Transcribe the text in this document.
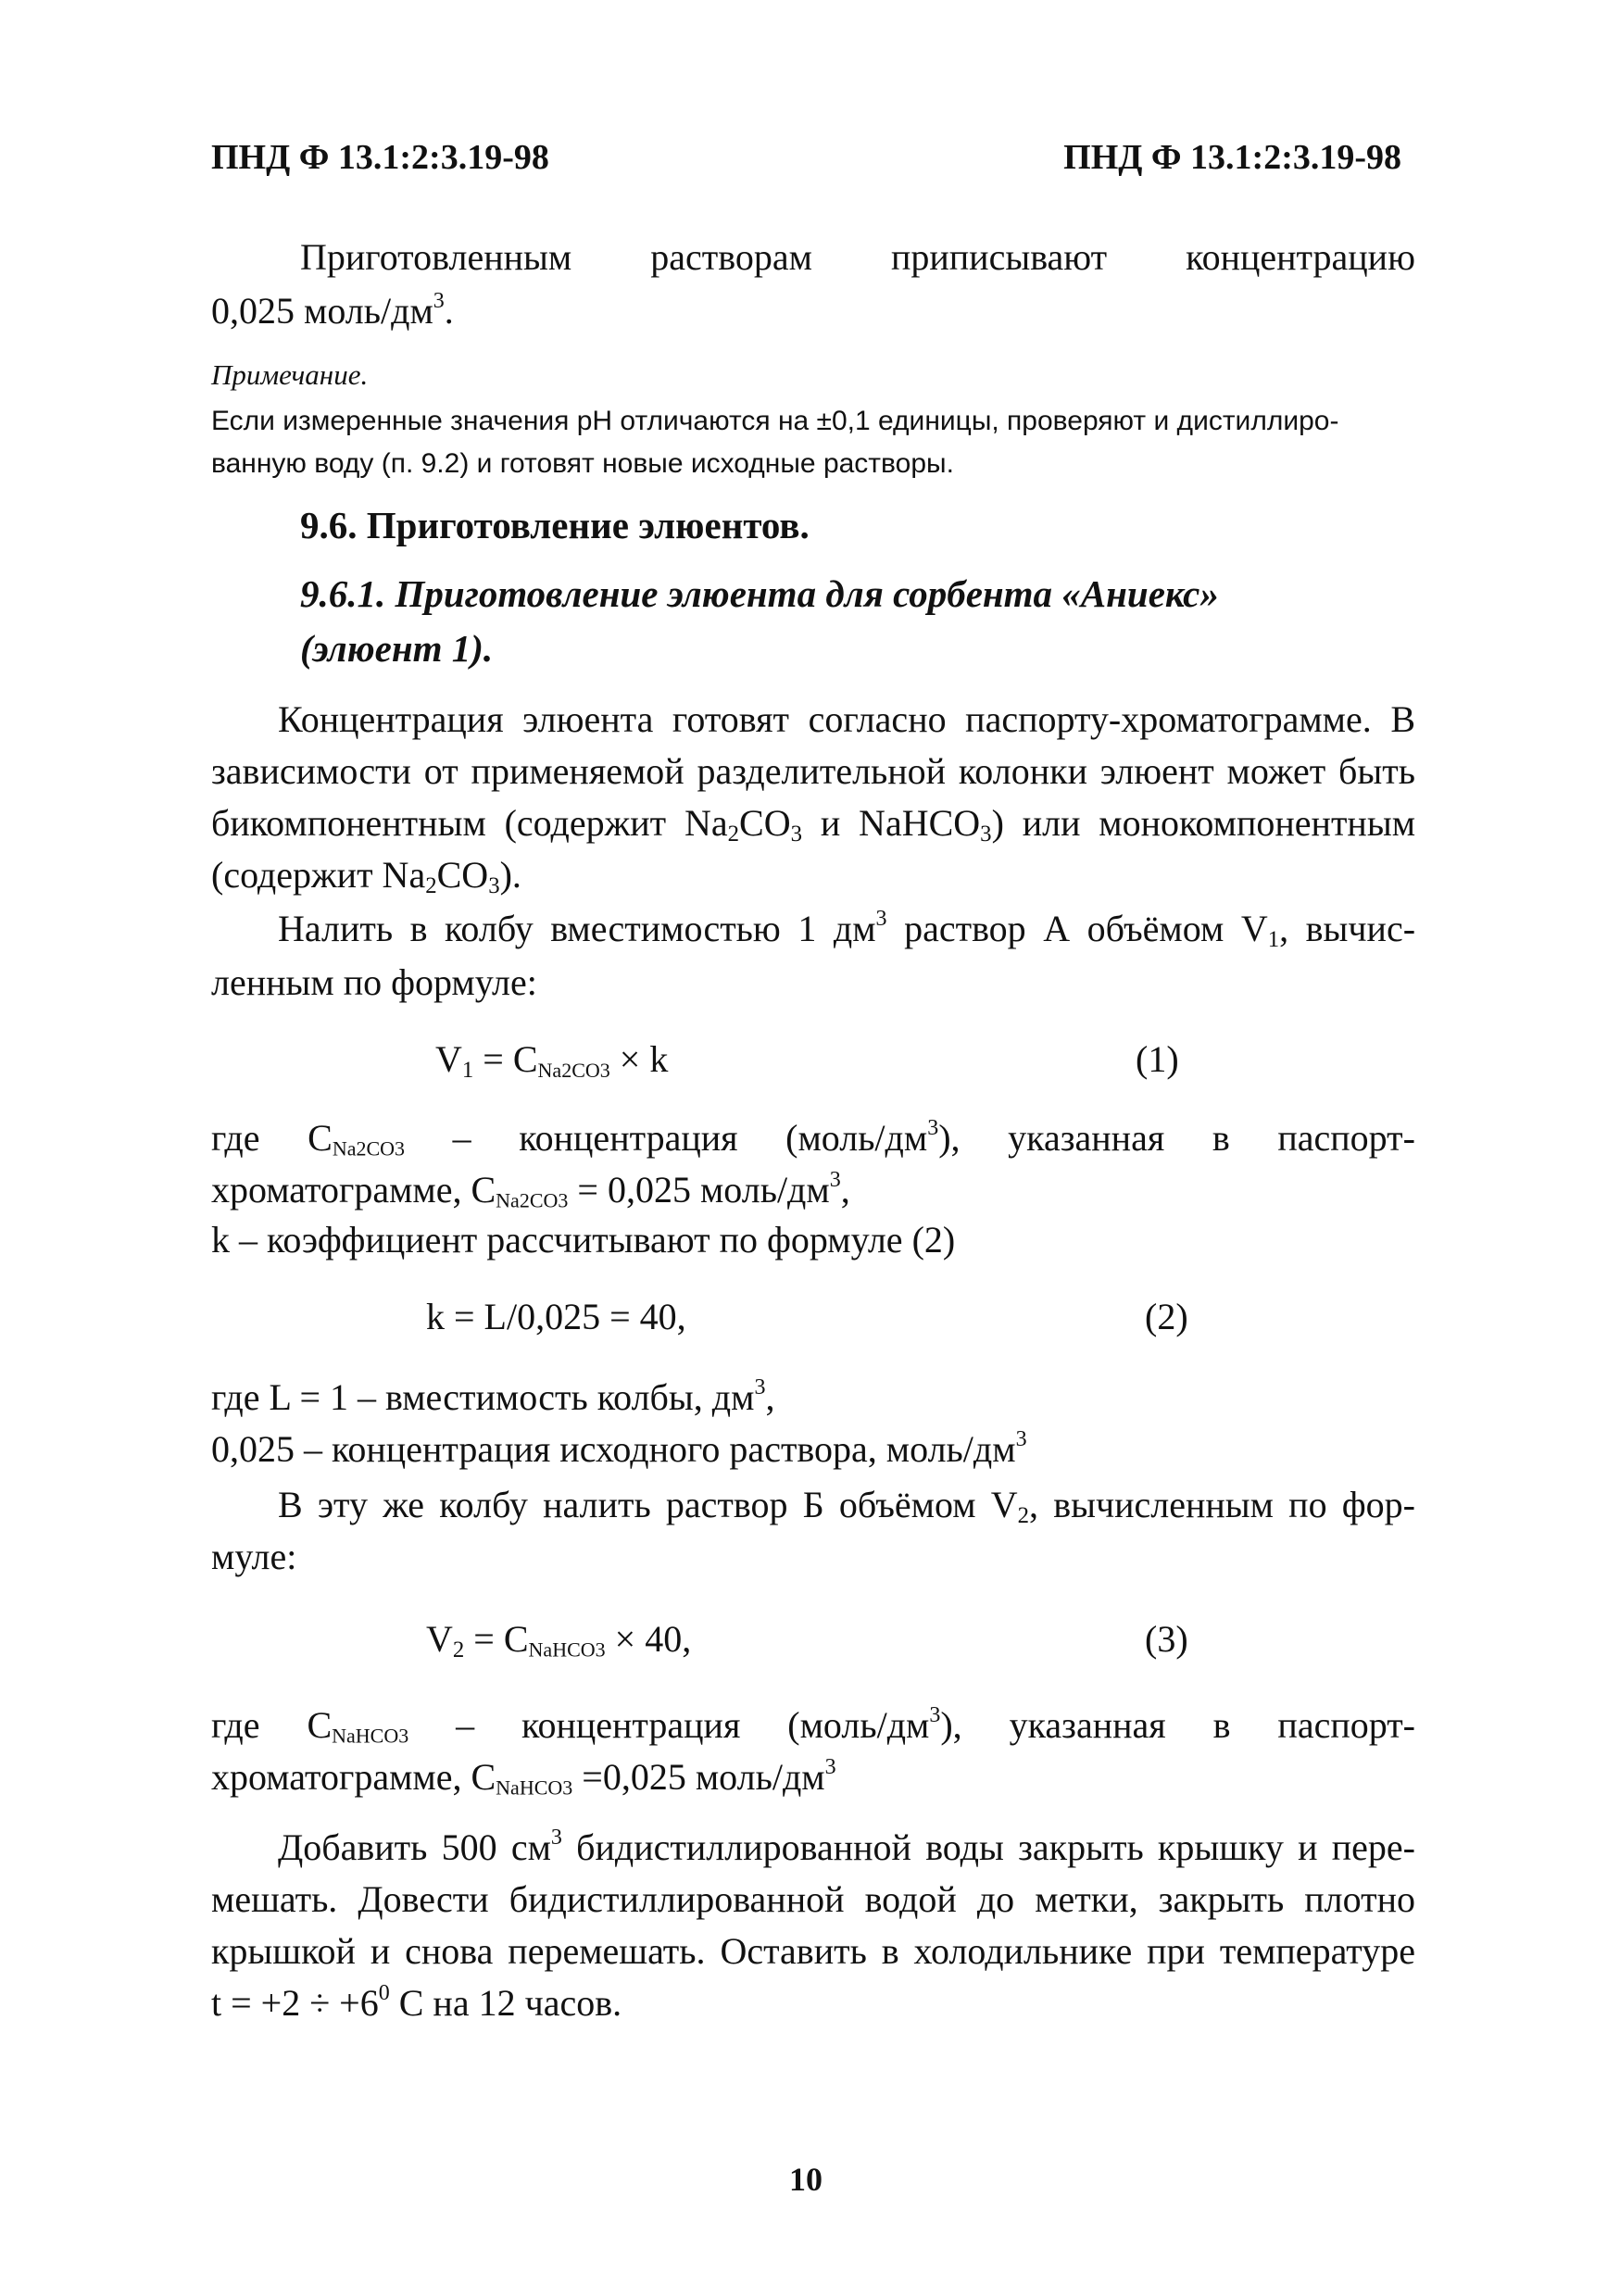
ПНД Ф 13.1:2:3.19-98	ПНД Ф 13.1:2:3.19-98
Приготовленным растворам приписывают концентрацию
0,025 моль/$дм^3$.
Примечание.
Если измеренные значения pH отличаются на ±0,1 единицы, проверяют и дистиллиро-
ванную воду (п. 9.2) и готовят новые исходные растворы.
9.6. Приготовление элюентов.
9.6.1. Приготовление элюента для сорбента «Аниекс»
(элюент 1).
Концентрация элюента готовят согласно паспорту-хроматограмме. В
зависимости от применяемой разделительной колонки элюент может быть
бикомпонентным (содержит $Na_2CO_3$ и NaHCO$_3$) или монокомпонентным
(содержит $Na_2CO_3$).
Налить в колбу вместимостью 1 $дм^3$ раствор А объёмом $V_1$, вычис-
ленным по формуле:
$V_1 = C_{Na2CO3} \times k$	(1)
где $C_{Na2CO3}$ – концентрация $(моль/дм^3)$, указанная в паспорт-
хроматограмме, $C_{Na2CO3} = 0,025$ моль/$дм^3$,
k – коэффициент рассчитывают по формуле (2)
k = L/0,025 = 40,	(2)
где L = 1 – вместимость колбы, $дм^3$,
0,025 – концентрация исходного раствора, моль/$дм^3$
В эту же колбу налить раствор Б объёмом $V_2$, вычисленным по фор-
муле:
$V_2 = C_{NaHCO3} \times 40$,	(3)
где $C_{NaHCO3}$ – концентрация $(моль/дм^3)$, указанная в паспорт-
хроматограмме, $C_{NaHCO3} =0,025$ моль/$дм^3$
Добавить 500 $см^3$ бидистиллированной воды закрыть крышку и пере-
мешать. Довести бидистиллированной водой до метки, закрыть плотно
крышкой и снова перемешать. Оставить в холодильнике при температуре
$t = +2 \div +6^0$ C на 12 часов.
10
